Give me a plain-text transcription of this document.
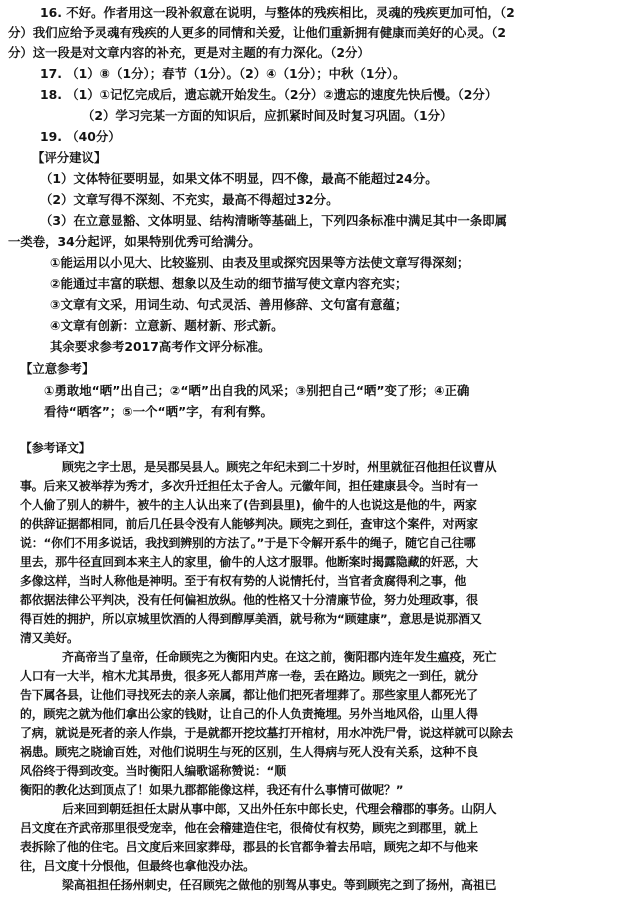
16. 不好。作者用这一段补叙意在说明，与整体的残疾相比，灵魂的残疾更加可怕，（2
分）我们应给予灵魂有残疾的人更多的同情和关爱，让他们重新拥有健康而美好的心灵。（2
分）这一段是对文章内容的补充，更是对主题的有力深化。（2分）
17. （1）⑧（1分）；春节（1分）。（2）④（1分）；中秋（1分）。
18. （1）①记忆完成后，遗忘就开始发生。（2分）②遗忘的速度先快后慢。（2分）
（2）学习完某一方面的知识后，应抓紧时间及时复习巩固。（1分）
19. （40分）
【评分建议】
（1）文体特征要明显，如果文体不明显，四不像，最高不能超过24分。
（2）文章写得不深刻、不充实，最高不得超过32分。
（3）在立意显豁、文体明显、结构清晰等基础上，下列四条标准中满足其中一条即属
一类卷，34分起评，如果特别优秀可给满分。
①能运用以小见大、比较鉴别、由表及里或探究因果等方法使文章写得深刻；
②能通过丰富的联想、想象以及生动的细节描写使文章内容充实；
③文章有文采，用词生动、句式灵活、善用修辞、文句富有意蕴；
④文章有创新：立意新、题材新、形式新。
其余要求参考2017高考作文评分标准。
【立意参考】
①勇敢地“晒”出自己；②“晒”出自我的风采；③别把自己“晒”变了形；④正确
看待“晒客”；⑤一个“晒”字，有利有弊。
【参考译文】
顾宪之字士思，是吴郡吴县人。顾宪之年纪未到二十岁时，州里就征召他担任议曹从
事。后来又被举荐为秀才，多次升迁担任太子舍人。元徽年间，担任建康县令。当时有一
个人偷了别人的耕牛，被牛的主人认出来了(告到县里)，偷牛的人也说这是他的牛，两家
的供辞证据都相同，前后几任县令没有人能够判决。顾宪之到任，查审这个案件，对两家
说：“你们不用多说话，我找到辨别的方法了。”于是下令解开系牛的绳子，随它自己往哪
里去，那牛径直回到本来主人的家里，偷牛的人这才服罪。他断案时揭露隐藏的奸恶，大
多像这样，当时人称他是神明。至于有权有势的人说情托付，当官者贪腐得利之事，他
都依据法律公平判决，没有任何偏袒放纵。他的性格又十分清廉节俭，努力处理政事，很
得百姓的拥护，所以京城里饮酒的人得到醇厚美酒，就号称为“顾建康”，意思是说那酒又
清又美好。
齐高帝当了皇帝，任命顾宪之为衡阳内史。在这之前，衡阳郡内连年发生瘟疫，死亡
人口有一大半，棺木尤其昂贵，很多死人都用芦席一卷，丢在路边。顾宪之一到任，就分
告下属各县，让他们寻找死去的亲人亲属，都让他们把死者埋葬了。那些家里人都死光了
的，顾宪之就为他们拿出公家的钱财，让自己的仆人负责掩埋。另外当地风俗，山里人得
了病，就说是死者的亲人作祟，于是就都开挖坟墓打开棺材，用水冲洗尸骨，说这样就可以除去
祸患。顾宪之晓谕百姓，对他们说明生与死的区别，生人得病与死人没有关系，这种不良
风俗终于得到改变。当时衡阳人编歌谣称赞说：“顺
衡阳的教化达到顶点了！如果九郡都能像这样，我还有什么事情可做呢？”
后来回到朝廷担任太尉从事中郎，又出外任东中郎长史，代理会稽郡的事务。山阴人
吕文度在齐武帝那里很受宠幸，他在会稽建造住宅，很倚仗有权势，顾宪之到郡里，就上
表拆除了他的住宅。吕文度后来回家葬母，郡县的长官都争着去吊唁，顾宪之却不与他来
往，吕文度十分恨他，但最终也拿他没办法。
梁高祖担任扬州刺史，任召顾宪之做他的别驾从事史。等到顾宪之到了扬州，高祖已
